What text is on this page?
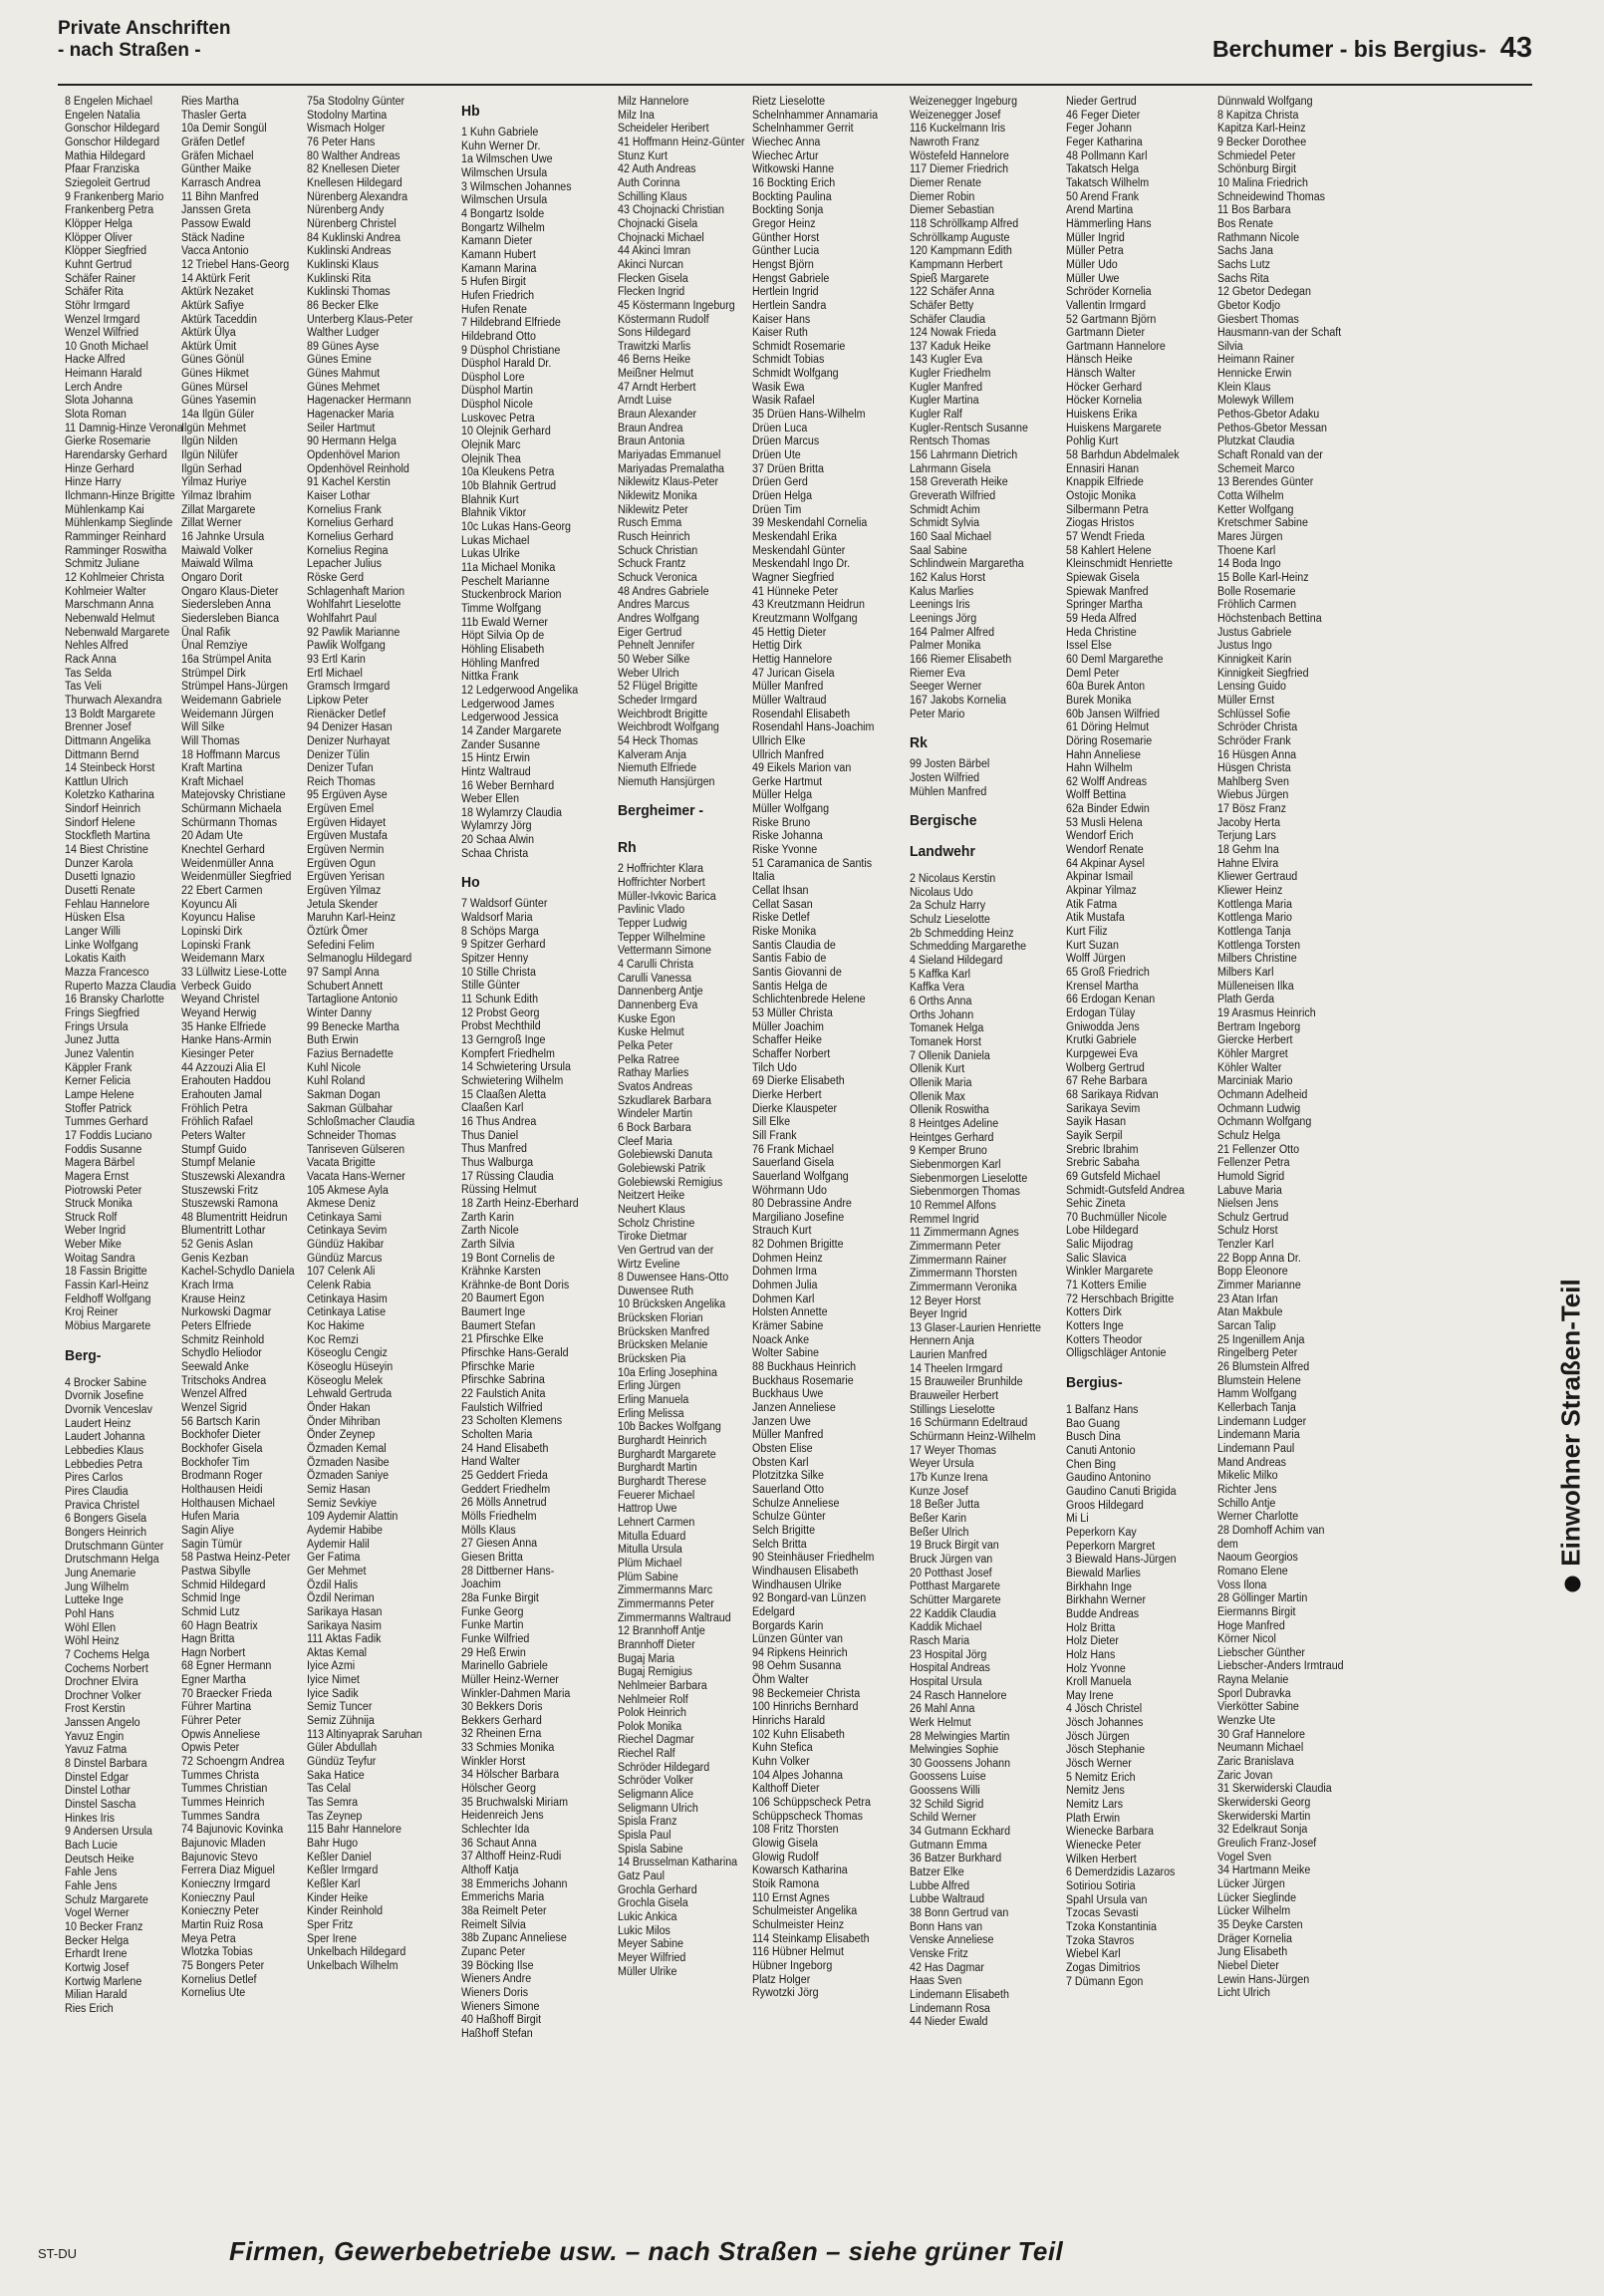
Private Anschriften
- nach Straßen -	Berchumer - bis Bergius- 43
8 Engelen Michael
Engelen Natalia
Gonschor Hildegard
Gonschor Hildegard
Mathia Hildegard
Pfaar Franziska
Sziegoleit Gertrud
9 Frankenberg Mario
Frankenberg Petra
Klöpper Helga
Klöpper Oliver
Klöpper Siegfried
Kuhnt Gertrud
Schäfer Rainer
Schäfer Rita
Stöhr Irmgard
Wenzel Irmgard
Wenzel Wilfried
10 Gnoth Michael
Hacke Alfred
Heimann Harald
Lerch Andre
Slota Johanna
Slota Roman
11 Damnig-Hinze Verona
Gierke Rosemarie
Harendarsky Gerhard
Hinze Gerhard
Hinze Harry
Ilchmann-Hinze Brigitte
Mühlenkamp Kai
Mühlenkamp Sieglinde
Ramminger Reinhard
Ramminger Roswitha
Schmitz Juliane
12 Kohlmeier Christa
Kohlmeier Walter
Marschmann Anna
Nebenwald Helmut
Nebenwald Margarete
Nehles Alfred
Rack Anna
Tas Selda
Tas Veli
Thurwach Alexandra
13 Boldt Margarete
Brenner Josef
Dittmann Angelika
Dittmann Bernd
14 Steinbeck Horst
Kattlun Ulrich
Koletzko Katharina
Sindorf Heinrich
Sindorf Helene
Stockfleth Martina
14 Biest Christine
Dunzer Karola
Dusetti Ignazio
Dusetti Renate
Fehlau Hannelore
Hüsken Elsa
Langer Willi
Linke Wolfgang
Lokatis Kaith
Mazza Francesco
Ruperto Mazza Claudia
16 Bransky Charlotte
Frings Siegfried
Frings Ursula
Junez Jutta
Junez Valentin
Käppler Frank
Kerner Felicia
Lampe Helene
Stoffer Patrick
Tummes Gerhard
17 Foddis Luciano
Foddis Susanne
Magera Bärbel
Magera Ernst
Piotrowski Peter
Struck Monika
Struck Rolf
Weber Ingrid
Weber Mike
Woitag Sandra
18 Fassin Brigitte
Fassin Karl-Heinz
Feldhoff Wolfgang
Kroj Reiner
Möbius Margarete

Berg-

4 Brocker Sabine
Dvornik Josefine
Dvornik Venceslav
Laudert Heinz
Laudert Johanna
Lebbedies Klaus
Lebbedies Petra
Pires Carlos
Pires Claudia
Pravica Christel
6 Bongers Gisela
Bongers Heinrich
Drutschmann Günter
Drutschmann Helga
Jung Anemarie
Jung Wilhelm
Lutteke Inge
Pohl Hans
Wöhl Ellen
Wöhl Heinz
7 Cochems Helga
Cochems Norbert
Drochner Elvira
Drochner Volker
Frost Kerstin
Janssen Angelo
Yavuz Engin
Yavuz Fatma
8 Dinstel Barbara
Dinstel Edgar
Dinstel Lothar
Dinstel Sascha
Hinkes Iris
9 Andersen Ursula
Bach Lucie
Deutsch Heike
Fahle Jens
Fahle Jens
Schulz Margarete
Vogel Werner
10 Becker Franz
Becker Helga
Erhardt Irene
Kortwig Josef
Kortwig Marlene
Milian Harald
Ries Erich
Ries Martha
Thasler Gerta
10a Demir Songül
Gräfen Detlef
Gräfen Michael
Günther Maike
Karrasch Andrea
11 Bihn Manfred
Janssen Greta
Passow Ewald
Stäck Nadine
Vacca Antonio
12 Triebel Hans-Georg
14 Aktürk Ferit
Aktürk Nezaket
Aktürk Safiye
Aktürk Taceddin
Aktürk Ülya
Aktürk Ümit
Günes Gönül
Günes Hikmet
Günes Mürsel
Günes Yasemin
14a Ilgün Güler
Ilgün Mehmet
Ilgün Nilden
Ilgün Nilüfer
Ilgün Serhad
Yilmaz Huriye
Yilmaz Ibrahim
Zillat Margarete
Zillat Werner
16 Jahnke Ursula
Maiwald Volker
Maiwald Wilma
Ongaro Dorit
Ongaro Klaus-Dieter
Siedersleben Anna
Siedersleben Bianca
Ünal Rafik
Ünal Remziye
16a Strümpel Anita
Strümpel Dirk
Strümpel Hans-Jürgen
Weidemann Gabriele
Weidemann Jürgen
Will Silke
Will Thomas
18 Hoffmann Marcus
Kraft Martina
Kraft Michael
Matejovsky Christiane
Schürmann Michaela
Schürmann Thomas
20 Adam Ute
Knechtel Gerhard
Weidenmüller Anna
Weidenmüller Siegfried
22 Ebert Carmen
Koyuncu Ali
Koyuncu Halise
Lopinski Dirk
Lopinski Frank
Weidemann Marx
33 Lüllwitz Liese-Lotte
Verbeck Guido
Weyand Christel
Weyand Herwig
35 Hanke Elfriede
Hanke Hans-Armin
Kiesinger Peter
44 Azzouzi Alia El
Erahouten Haddou
Erahouten Jamal
Fröhlich Petra
Fröhlich Rafael
Peters Walter
Stumpf Guido
Stumpf Melanie
Stuszewski Alexandra
Stuszewski Fritz
Stuszewski Ramona
48 Blumentritt Heidrun
Blumentritt Lothar
52 Genis Aslan
Genis Kezban
Kachel-Schydlo Daniela
Krach Irma
Krause Heinz
Nurkowski Dagmar
Peters Elfriede
Schmitz Reinhold
Schydlo Heliodor
Seewald Anke
Tritschoks Andrea
Wenzel Alfred
Wenzel Sigrid
56 Bartsch Karin
Bockhofer Dieter
Bockhofer Gisela
Bockhofer Tim
Brodmann Roger
Holthausen Heidi
Holthausen Michael
Hufen Maria
Sagin Aliye
Sagin Tümür
58 Pastwa Heinz-Peter
Pastwa Sibylle
Schmid Hildegard
Schmid Inge
Schmid Lutz
60 Hagn Beatrix
Hagn Britta
Hagn Norbert
68 Egner Hermann
Egner Martha
70 Braecker Frieda
Führer Martina
Führer Peter
Opwis Anneliese
Opwis Peter
72 Schoengrn Andrea
Tummes Christa
Tummes Christian
Tummes Heinrich
Tummes Sandra
74 Bajunovic Kovinka
Bajunovic Mladen
Bajunovic Stevo
Ferrera Diaz Miguel
Konieczny Irmgard
Konieczny Paul
Konieczny Peter
Martin Ruiz Rosa
Meya Petra
Wlotzka Tobias
75 Bongers Peter
Kornelius Detlef
Kornelius Ute
75a Stodolny Günter
Stodolny Martina
Wismach Holger
76 Peter Hans
80 Walther Andreas
82 Knellesen Dieter
Knellesen Hildegard
Nürenberg Alexandra
Nürenberg Andy
Nürenberg Christel
84 Kuklinski Andrea
Kuklinski Andreas
Kuklinski Klaus
Kuklinski Rita
Kuklinski Thomas
86 Becker Elke
Unterberg Klaus-Peter
Walther Ludger
89 Günes Ayse
Günes Emine
Günes Mahmut
Günes Mehmet
Hagenacker Hermann
Hagenacker Maria
Seiler Hartmut
90 Hermann Helga
Opdenhövel Marion
Opdenhövel Reinhold
91 Kachel Kerstin
Kaiser Lothar
Kornelius Frank
Kornelius Gerhard
Kornelius Gerhard
Kornelius Regina
Lepacher Julius
Röske Gerd
Schlagenhaft Marion
Wohlfahrt Lieselotte
Wohlfahrt Paul
92 Pawlik Marianne
Pawlik Wolfgang
93 Ertl Karin
Ertl Michael
Gramsch Irmgard
Lipkow Peter
Rienäcker Detlef
94 Denizer Hasan
Denizer Nurhayat
Denizer Tülin
Denizer Tufan
Reich Thomas
95 Ergüven Ayse
Ergüven Emel
Ergüven Hidayet
Ergüven Mustafa
Ergüven Nermin
Ergüven Ogun
Ergüven Yerisan
Ergüven Yilmaz
Jetula Skender
Maruhn Karl-Heinz
Öztürk Ömer
Sefedini Felim
Selmanoglu Hildegard
97 Sampl Anna
Schubert Annett
Tartaglione Antonio
Winter Danny
99 Benecke Martha
Buth Erwin
Fazius Bernadette
Kuhl Nicole
Kuhl Roland
Sakman Dogan
Sakman Gülbahar
Schloßmacher Claudia
Schneider Thomas
Tanriseven Gülseren
Vacata Brigitte
Vacata Hans-Werner
105 Akmese Ayla
Akmese Deniz
Cetinkaya Sami
Cetinkaya Sevim
Gündüz Hakibar
Gündüz Marcus
107 Celenk Ali
Celenk Rabia
Cetinkaya Hasim
Cetinkaya Latise
Koc Hakime
Koc Remzi
Köseoglu Cengiz
Köseoglu Hüseyin
Köseoglu Melek
Lehwald Gertruda
Önder Hakan
Önder Mihriban
Önder Zeynep
Özmaden Kemal
Özmaden Nasibe
Özmaden Saniye
Semiz Hasan
Semiz Sevkiye
109 Aydemir Alattin
Aydemir Habibe
Aydemir Halil
Ger Fatima
Ger Mehmet
Özdil Halis
Özdil Neriman
Sarikaya Hasan
Sarikaya Nasim
111 Aktas Fadik
Aktas Kemal
Iyice Azmi
Iyice Nimet
Iyice Sadik
Semiz Tuncer
Semiz Zühnija
113 Altinyaprak Saruhan
Güler Abdullah
Gündüz Teyfur
Saka Hatice
Tas Celal
Tas Semra
Tas Zeynep
115 Bahr Hannelore
Bahr Hugo
Keßler Daniel
Keßler Irmgard
Keßler Karl
Kinder Heike
Kinder Reinhold
Sper Fritz
Sper Irene
Unkelbach Hildegard
Unkelbach Wilhelm
Hb
1 Kuhn Gabriele
Kuhn Werner Dr.
1a Wilmschen Uwe
Wilmschen Ursula
3 Wilmschen Johannes
Wilmschen Ursula
4 Bongartz Isolde
Bongartz Wilhelm
Kamann Dieter
Kamann Hubert
Kamann Marina
5 Hufen Birgit
Hufen Friedrich
Hufen Renate
7 Hildebrand Elfriede
Hildebrand Otto
9 Düsphol Christiane
Düsphol Harald Dr.
Düsphol Lore
Düsphol Martin
Düsphol Nicole
Luskovec Petra
10 Olejnik Gerhard
Olejnik Marc
Olejnik Thea
10a Kleukens Petra
10b Blahnik Gertrud
Blahnik Kurt
Blahnik Viktor
10c Lukas Hans-Georg
Lukas Michael
Lukas Ulrike
11a Michael Monika
Peschelt Marianne
Stuckenbrock Marion
Timme Wolfgang
11b Ewald Werner
Höpt Silvia Op de
Höhling Elisabeth
Höhling Manfred
Nittka Frank
12 Ledgerwood Angelika
Ledgerwood James
Ledgerwood Jessica
14 Zander Margarete
Zander Susanne
15 Hintz Erwin
Hintz Waltraud
16 Weber Bernhard
Weber Ellen
18 Wylamrzy Claudia
Wylamrzy Jörg
20 Schaa Alwin
Schaa Christa

Ho
7 Waldsorf Günter
Waldsorf Maria
8 Schöps Marga
9 Spitzer Gerhard
Spitzer Henny
10 Stille Christa
Stille Günter
11 Schunk Edith
12 Probst Georg
Probst Mechthild
13 Gerngroß Inge
Kompfert Friedhelm
14 Schwietering Ursula
Schwietering Wilhelm
15 Claaßen Aletta
Claaßen Karl
16 Thus Andrea
Thus Daniel
Thus Manfred
Thus Walburga
17 Rüssing Claudia
Rüssing Helmut
18 Zarth Heinz-Eberhard
Zarth Karin
Zarth Nicole
Zarth Silvia
19 Bont Cornelis de
Krähnke Karsten
Krähnke-de Bont Doris
20 Baumert Egon
Baumert Inge
Baumert Stefan
21 Pfirschke Elke
Pfirschke Hans-Gerald
Pfirschke Marie
Pfirschke Sabrina
22 Faulstich Anita
Faulstich Wilfried
23 Scholten Klemens
Scholten Maria
24 Hand Elisabeth
Hand Walter
25 Geddert Frieda
Geddert Friedhelm
26 Mölls Annetrud
Mölls Friedhelm
Mölls Klaus
27 Giesen Anna
Giesen Britta
28 Dittberner Hans-
Joachim
28a Funke Birgit
Funke Georg
Funke Martin
Funke Wilfried
29 Heß Erwin
Marinello Gabriele
Müller Heinz-Werner
Winkler-Dahmen Maria
30 Bekkers Doris
Bekkers Gerhard
32 Rheinen Erna
33 Schmies Monika
Winkler Horst
34 Hölscher Barbara
Hölscher Georg
35 Bruchwalski Miriam
Heidenreich Jens
Schlechter Ida
36 Schaut Anna
37 Althoff Heinz-Rudi
Althoff Katja
38 Emmerichs Johann
Emmerichs Maria
38a Reimelt Peter
Reimelt Silvia
38b Zupanc Anneliese
Zupanc Peter
39 Böcking Ilse
Wieners Andre
Wieners Doris
Wieners Simone
40 Haßhoff Birgit
Haßhoff Stefan
Milz Hannelore
Milz Ina
Scheideler Heribert
41 Hoffmann Heinz-Günter
Stunz Kurt
42 Auth Andreas
Auth Corinna
Schilling Klaus
43 Chojnacki Christian
Chojnacki Gisela
Chojnacki Michael
44 Akinci Imran
Akinci Nurcan
Flecken Gisela
Flecken Ingrid
45 Köstermann Ingeburg
Köstermann Rudolf
Sons Hildegard
Trawitzki Marlis
46 Berns Heike
Meißner Helmut
47 Arndt Herbert
Arndt Luise
Braun Alexander
Braun Andrea
Braun Antonia
Mariyadas Emmanuel
Mariyadas Premalatha
Niklewitz Klaus-Peter
Niklewitz Monika
Niklewitz Peter
Rusch Emma
Rusch Heinrich
Schuck Christian
Schuck Frantz
Schuck Veronica
48 Andres Gabriele
Andres Marcus
Andres Wolfgang
Eiger Gertrud
Pehnelt Jennifer
50 Weber Silke
Weber Ulrich
52 Flügel Brigitte
Scheder Irmgard
Weichbrodt Brigitte
Weichbrodt Wolfgang
54 Heck Thomas
Kalveram Anja
Niemuth Elfriede
Niemuth Hansjürgen

Bergheimer -

Rh
2 Hoffrichter Klara
Hoffrichter Norbert
Müller-Ivkovic Barica
Pavlinic Vlado
Tepper Ludwig
Tepper Wilhelmine
Vettermann Simone
4 Carulli Christa
Carulli Vanessa
Dannenberg Antje
Dannenberg Eva
Kuske Egon
Kuske Helmut
Pelka Peter
Pelka Ratree
Rathay Marlies
Svatos Andreas
Szkudlarek Barbara
Windeler Martin
6 Bock Barbara
Cleef Maria
Golebiewski Danuta
Golebiewski Patrik
Golebiewski Remigius
Neitzert Heike
Neuhert Klaus
Scholz Christine
Tiroke Dietmar
Ven Gertrud van der
Wirtz Eveline
8 Duwensee Hans-Otto
Duwensee Ruth
10 Brücksken Angelika
Brücksken Florian
Brücksken Manfred
Brücksken Melanie
Brücksken Pia
10a Erling Josephina
Erling Jürgen
Erling Manuela
Erling Melissa
10b Backes Wolfgang
Burghardt Heinrich
Burghardt Margarete
Burghardt Martin
Burghardt Therese
Feuerer Michael
Hattrop Uwe
Lehnert Carmen
Mitulla Eduard
Mitulla Ursula
Plüm Michael
Plüm Sabine
Zimmermanns Marc
Zimmermanns Peter
Zimmermanns Waltraud
12 Brannhoff Antje
Brannhoff Dieter
Bugaj Maria
Bugaj Remigius
Nehlmeier Barbara
Nehlmeier Rolf
Polok Heinrich
Polok Monika
Riechel Dagmar
Riechel Ralf
Schröder Hildegard
Schröder Volker
Seligmann Alice
Seligmann Ulrich
Spisla Franz
Spisla Paul
Spisla Sabine
14 Brusselman Katharina
Gatz Paul
Grochla Gerhard
Grochla Gisela
Lukic Ankica
Lukic Milos
Meyer Sabine
Meyer Wilfried
Müller Ulrike
Rietz Lieselotte
Schelnhammer Annamaria
Schelnhammer Gerrit
Wiechec Anna
Wiechec Artur
Witkowski Hanne
16 Bockting Erich
Bockting Paulina
Bockting Sonja
Gregor Heinz
Günther Horst
Günther Lucia
Hengst Björn
Hengst Gabriele
Hertlein Ingrid
Hertlein Sandra
Kaiser Hans
Kaiser Ruth
Schmidt Rosemarie
Schmidt Tobias
Schmidt Wolfgang
Wasik Ewa
Wasik Rafael
35 Drüen Hans-Wilhelm
Drüen Luca
Drüen Marcus
Drüen Ute
37 Drüen Britta
Drüen Gerd
Drüen Helga
Drüen Tim
39 Meskendahl Cornelia
Meskendahl Erika
Meskendahl Günter
Meskendahl Ingo Dr.
Wagner Siegfried
41 Hünneke Peter
43 Kreutzmann Heidrun
Kreutzmann Wolfgang
45 Hettig Dieter
Hettig Dirk
Hettig Hannelore
47 Jurican Gisela
Müller Manfred
Müller Waltraud
Rosendahl Elisabeth
Rosendahl Hans-Joachim
Ullrich Elke
Ullrich Manfred
49 Eikels Marion van
Gerke Hartmut
Müller Helga
Müller Wolfgang
Riske Bruno
Riske Johanna
Riske Yvonne
51 Caramanica de Santis
Italia
Cellat Ihsan
Cellat Sasan
Riske Detlef
Riske Monika
Santis Claudia de
Santis Fabio de
Santis Giovanni de
Santis Helga de
Schlichtenbrede Helene
53 Müller Christa
Müller Joachim
Schaffer Heike
Schaffer Norbert
Tilch Udo
69 Dierke Elisabeth
Dierke Herbert
Dierke Klauspeter
Sill Elke
Sill Frank
76 Frank Michael
Sauerland Gisela
Sauerland Wolfgang
Wöhrmann Udo
80 Debrassine Andre
Margiliano Josefine
Strauch Kurt
82 Dohmen Brigitte
Dohmen Heinz
Dohmen Irma
Dohmen Julia
Dohmen Karl
Holsten Annette
Krämer Sabine
Noack Anke
Wolter Sabine
88 Buckhaus Heinrich
Buckhaus Rosemarie
Buckhaus Uwe
Janzen Anneliese
Janzen Uwe
Müller Manfred
Obsten Elise
Obsten Karl
Plotzitzka Silke
Sauerland Otto
Schulze Anneliese
Schulze Günter
Selch Brigitte
Selch Britta
90 Steinhäuser Friedhelm
Windhausen Elisabeth
Windhausen Ulrike
92 Bongard-van Lünzen
Edelgard
Borgards Karin
Lünzen Günter van
94 Ripkens Heinrich
98 Oehm Susanna
Öhm Walter
98 Beckemeier Christa
100 Hinrichs Bernhard
Hinrichs Harald
102 Kuhn Elisabeth
Kuhn Stefica
Kuhn Volker
104 Alpes Johanna
Kalthoff Dieter
106 Schüppscheck Petra
Schüppscheck Thomas
108 Fritz Thorsten
Glowig Gisela
Glowig Rudolf
Kowarsch Katharina
Stoik Ramona
110 Ernst Agnes
Schulmeister Angelika
Schulmeister Heinz
114 Steinkamp Elisabeth
116 Hübner Helmut
Hübner Ingeborg
Platz Holger
Rywotzki Jörg
Weizenegger Ingeburg
Weizenegger Josef
116 Kuckelmann Iris
Nawroth Franz
Wöstefeld Hannelore
117 Diemer Friedrich
Diemer Renate
Diemer Robin
Diemer Sebastian
118 Schröllkamp Alfred
Schröllkamp Auguste
120 Kampmann Edith
Kampmann Herbert
Spieß Margarete
122 Schäfer Anna
Schäfer Betty
Schäfer Claudia
124 Nowak Frieda
137 Kaduk Heike
143 Kugler Eva
Kugler Friedhelm
Kugler Manfred
Kugler Martina
Kugler Ralf
Kugler-Rentsch Susanne
Rentsch Thomas
156 Lahrmann Dietrich
Lahrmann Gisela
158 Greverath Heike
Greverath Wilfried
Schmidt Achim
Schmidt Sylvia
160 Saal Michael
Saal Sabine
Schlindwein Margaretha
162 Kalus Horst
Kalus Marlies
Leenings Iris
Leenings Jörg
164 Palmer Alfred
Palmer Monika
166 Riemer Elisabeth
Riemer Eva
Seeger Werner
167 Jakobs Kornelia
Peter Mario

Rk
99 Josten Bärbel
Josten Wilfried
Mühlen Manfred

Bergische
Landwehr

2 Nicolaus Kerstin
Nicolaus Udo
2a Schulz Harry
Schulz Lieselotte
2b Schmedding Heinz
Schmedding Margarethe
4 Sieland Hildegard
5 Kaffka Karl
Kaffka Vera
6 Orths Anna
Orths Johann
Tomanek Helga
Tomanek Horst
7 Ollenik Daniela
Ollenik Kurt
Ollenik Maria
Ollenik Max
Ollenik Roswitha
8 Heintges Adeline
Heintges Gerhard
9 Kemper Bruno
Siebenmorgen Karl
Siebenmorgen Lieselotte
Siebenmorgen Thomas
10 Remmel Alfons
Remmel Ingrid
11 Zimmermann Agnes
Zimmermann Peter
Zimmermann Rainer
Zimmermann Thorsten
Zimmermann Veronika
12 Beyer Horst
Beyer Ingrid
13 Glaser-Laurien Henriette
Hennern Anja
Laurien Manfred
14 Theelen Irmgard
15 Brauweiler Brunhilde
Brauweiler Herbert
Stillings Lieselotte
16 Schürmann Edeltraud
Schürmann Heinz-Wilhelm
17 Weyer Thomas
Weyer Ursula
17b Kunze Irena
Kunze Josef
18 Beßer Jutta
Beßer Karin
Beßer Ulrich
19 Bruck Birgit van
Bruck Jürgen van
20 Potthast Josef
Potthast Margarete
Schütter Margarete
22 Kaddik Claudia
Kaddik Michael
Rasch Maria
23 Hospital Jörg
Hospital Andreas
Hospital Ursula
24 Rasch Hannelore
26 Mahl Anna
Werk Helmut
28 Melwingies Martin
Melwingies Sophie
30 Goossens Johann
Goossens Luise
Goossens Willi
32 Schild Sigrid
Schild Werner
34 Gutmann Eckhard
Gutmann Emma
36 Batzer Burkhard
Batzer Elke
Lubbe Alfred
Lubbe Waltraud
38 Bonn Gertrud van
Bonn Hans van
Venske Anneliese
Venske Fritz
42 Has Dagmar
Haas Sven
Lindemann Elisabeth
Lindemann Rosa
44 Nieder Ewald
Nieder Gertrud
46 Feger Dieter
Feger Johann
Feger Katharina
48 Pollmann Karl
Takatsch Helga
Takatsch Wilhelm
50 Arend Frank
Arend Martina
Hämmerling Hans
Müller Ingrid
Müller Petra
Müller Udo
Müller Uwe
Schröder Kornelia
Vallentin Irmgard
52 Gartmann Björn
Gartmann Dieter
Gartmann Hannelore
Hänsch Heike
Hänsch Walter
Höcker Gerhard
Höcker Kornelia
Huiskens Erika
Huiskens Margarete
Pohlig Kurt
58 Barhdun Abdelmalek
Ennasiri Hanan
Knappik Elfriede
Ostojic Monika
Silbermann Petra
Ziogas Hristos
57 Wendt Frieda
58 Kahlert Helene
Kleinschmidt Henriette
Spiewak Gisela
Spiewak Manfred
Springer Martha
59 Heda Alfred
Heda Christine
Issel Else
60 Deml Margarethe
Deml Peter
60a Burek Anton
Burek Monika
60b Jansen Wilfried
61 Döring Helmut
Döring Rosemarie
Hahn Anneliese
Hahn Wilhelm
62 Wolff Andreas
Wolff Bettina
62a Binder Edwin
53 Musli Helena
Wendorf Erich
Wendorf Renate
64 Akpinar Aysel
Akpinar Ismail
Akpinar Yilmaz
Atik Fatma
Atik Mustafa
Kurt Filiz
Kurt Suzan
Wolff Jürgen
65 Groß Friedrich
Krensel Martha
66 Erdogan Kenan
Erdogan Tülay
Gniwodda Jens
Krutki Gabriele
Kurpgewei Eva
Wolberg Gertrud
67 Rehe Barbara
68 Sarikaya Ridvan
Sarikaya Sevim
Sayik Hasan
Sayik Serpil
Srebric Ibrahim
Srebric Sabaha
69 Gutsfeld Michael
Schmidt-Gutsfeld Andrea
Sehic Zineta
70 Buchmüller Nicole
Lobe Hildegard
Salic Mijodrag
Salic Slavica
Winkler Margarete
71 Kotters Emilie
72 Herschbach Brigitte
Kotters Dirk
Kotters Inge
Kotters Theodor
Olligschläger Antonie

Bergius-

1 Balfanz Hans
Bao Guang
Busch Dina
Canuti Antonio
Chen Bing
Gaudino Antonino
Gaudino Canuti Brigida
Groos Hildegard
Mi Li
Peperkorn Kay
Peperkorn Margret
3 Biewald Hans-Jürgen
Biewald Marlies
Birkhahn Inge
Birkhahn Werner
Budde Andreas
Holz Britta
Holz Dieter
Holz Hans
Holz Yvonne
Kroll Manuela
May Irene
4 Jösch Christel
Jösch Johannes
Jösch Jürgen
Jösch Stephanie
Jösch Werner
5 Nemitz Erich
Nemitz Jens
Nemitz Lars
Plath Erwin
Wienecke Barbara
Wienecke Peter
Wilken Herbert
6 Demerdzidis Lazaros
Sotiriou Sotiria
Spahl Ursula van
Tzocas Sevasti
Tzoka Konstantinia
Tzoka Stavros
Wiebel Karl
Zogas Dimitrios
7 Dümann Egon
Dünnwald Wolfgang
8 Kapitza Christa
Kapitza Karl-Heinz
9 Becker Dorothee
Schmiedel Peter
Schönburg Birgit
10 Malina Friedrich
Schneidewind Thomas
11 Bos Barbara
Bos Renate
Rathmann Nicole
Sachs Jana
Sachs Lutz
Sachs Rita
12 Gbetor Dedegan
Gbetor Kodjo
Giesbert Thomas
Hausmann-van der Schaft
Silvia
Heimann Rainer
Hennicke Erwin
Klein Klaus
Molewyk Willem
Pethos-Gbetor Adaku
Pethos-Gbetor Messan
Plutzkat Claudia
Schaft Ronald van der
Schemeit Marco
13 Berendes Günter
Cotta Wilhelm
Ketter Wolfgang
Kretschmer Sabine
Mares Jürgen
Thoene Karl
14 Boda Ingo
15 Bolle Karl-Heinz
Bolle Rosemarie
Fröhlich Carmen
Höchstenbach Bettina
Justus Gabriele
Justus Ingo
Kinnigkeit Karin
Kinnigkeit Siegfried
Lensing Guido
Müller Ernst
Schlüssel Sofie
Schröder Christa
Schröder Frank
16 Hüsgen Anna
Hüsgen Christa
Mahlberg Sven
Wiebus Jürgen
17 Bösz Franz
Jacoby Herta
Terjung Lars
18 Gehm Ina
Hahne Elvira
Kliewer Gertraud
Kliewer Heinz
Kottlenga Maria
Kottlenga Mario
Kottlenga Tanja
Kottlenga Torsten
Milbers Christine
Milbers Karl
Mülleneisen Ilka
Plath Gerda
19 Arasmus Heinrich
Bertram Ingeborg
Giercke Herbert
Köhler Margret
Köhler Walter
Marciniak Mario
Ochmann Adelheid
Ochmann Ludwig
Ochmann Wolfgang
Schulz Helga
21 Fellenzer Otto
Fellenzer Petra
Humold Sigrid
Labuve Maria
Nielsen Jens
Schulz Gertrud
Schulz Horst
Tenzler Karl
22 Bopp Anna Dr.
Bopp Eleonore
Zimmer Marianne
23 Atan Irfan
Atan Makbule
Sarcan Talip
25 Ingenillem Anja
Ringelberg Peter
26 Blumstein Alfred
Blumstein Helene
Hamm Wolfgang
Kellerbach Tanja
Lindemann Ludger
Lindemann Maria
Lindemann Paul
Mand Andreas
Mikelic Milko
Richter Jens
Schillo Antje
Werner Charlotte
28 Domhoff Achim van
dem
Naoum Georgios
Romano Elene
Voss Ilona
28 Göllinger Martin
Eiermanns Birgit
Hoge Manfred
Körner Nicol
Liebscher Günther
Liebscher-Anders Irmtraud
Rayna Melanie
Sporl Dubravka
Vierkötter Sabine
Wenzke Ute
30 Graf Hannelore
Neumann Michael
Zaric Branislava
Zaric Jovan
31 Skerwiderski Claudia
Skerwiderski Georg
Skerwiderski Martin
32 Edelkraut Sonja
Greulich Franz-Josef
Vogel Sven
34 Hartmann Meike
Lücker Jürgen
Lücker Sieglinde
Lücker Wilhelm
35 Deyke Carsten
Dräger Kornelia
Jung Elisabeth
Niebel Dieter
Lewin Hans-Jürgen
Licht Ulrich
Einwohner Straßen-Teil
ST-DU	Firmen, Gewerbebetriebe usw. – nach Straßen – siehe grüner Teil
